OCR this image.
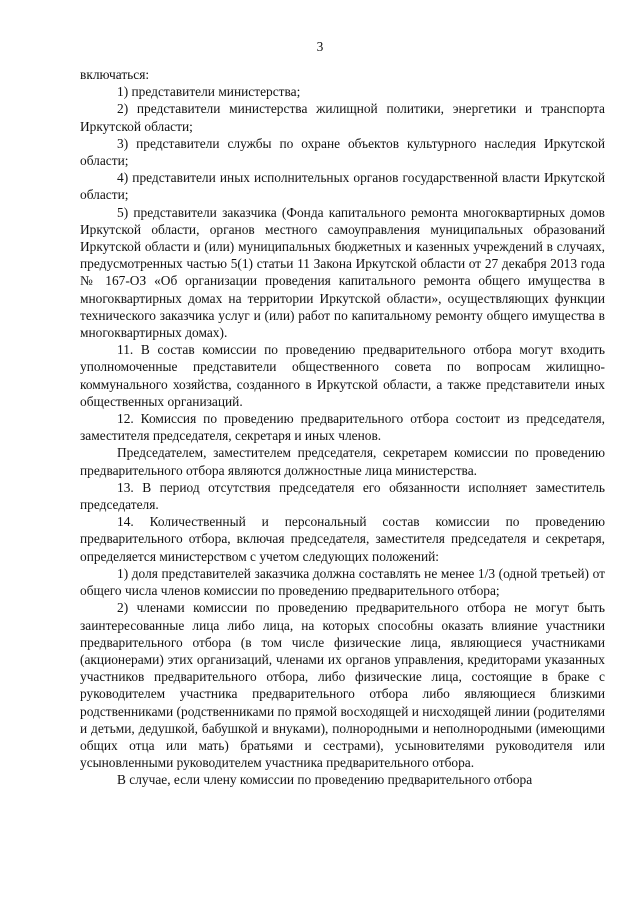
3

включаться:

1) представители министерства;

2) представители министерства жилищной политики, энергетики и транспорта Иркутской области;

3) представители службы по охране объектов культурного наследия Иркутской области;

4) представители иных исполнительных органов государственной власти Иркутской области;

5) представители заказчика (Фонда капитального ремонта многоквартирных домов Иркутской области, органов местного самоуправления муниципальных образований Иркутской области и (или) муниципальных бюджетных и казенных учреждений в случаях, предусмотренных частью 5(1) статьи 11 Закона Иркутской области от 27 декабря 2013 года № 167-ОЗ «Об организации проведения капитального ремонта общего имущества в многоквартирных домах на территории Иркутской области», осуществляющих функции технического заказчика услуг и (или) работ по капитальному ремонту общего имущества в многоквартирных домах).

11. В состав комиссии по проведению предварительного отбора могут входить уполномоченные представители общественного совета по вопросам жилищно-коммунального хозяйства, созданного в Иркутской области, а также представители иных общественных организаций.

12. Комиссия по проведению предварительного отбора состоит из председателя, заместителя председателя, секретаря и иных членов.

Председателем, заместителем председателя, секретарем комиссии по проведению предварительного отбора являются должностные лица министерства.

13. В период отсутствия председателя его обязанности исполняет заместитель председателя.

14. Количественный и персональный состав комиссии по проведению предварительного отбора, включая председателя, заместителя председателя и секретаря, определяется министерством с учетом следующих положений:

1) доля представителей заказчика должна составлять не менее 1/3 (одной третьей) от общего числа членов комиссии по проведению предварительного отбора;

2) членами комиссии по проведению предварительного отбора не могут быть заинтересованные лица либо лица, на которых способны оказать влияние участники предварительного отбора (в том числе физические лица, являющиеся участниками (акционерами) этих организаций, членами их органов управления, кредиторами указанных участников предварительного отбора, либо физические лица, состоящие в браке с руководителем участника предварительного отбора либо являющиеся близкими родственниками (родственниками по прямой восходящей и нисходящей линии (родителями и детьми, дедушкой, бабушкой и внуками), полнородными и неполнородными (имеющими общих отца или мать) братьями и сестрами), усыновителями руководителя или усыновленными руководителем участника предварительного отбора.

В случае, если члену комиссии по проведению предварительного отбора
